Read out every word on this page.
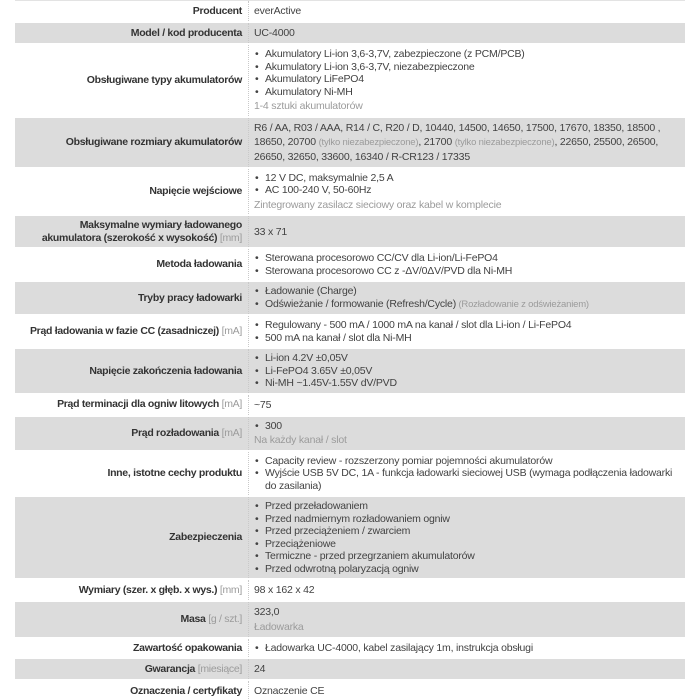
Producent everActive
Model / kod producenta UC-4000
Obsługiwane typy akumulatorów
• Akumulatory Li-ion 3,6-3,7V, zabezpieczone (z PCM/PCB)
• Akumulatory Li-ion 3,6-3,7V, niezabezpieczone
• Akumulatory LiFePO4
• Akumulatory Ni-MH
1-4 sztuki akumulatorów
Obsługiwane rozmiary akumulatorów
R6 / AA, R03 / AAA, R14 / C, R20 / D, 10440, 14500, 14650, 17500, 17670, 18350, 18500 , 18650, 20700 (tylko niezabezpieczone), 21700 (tylko niezabezpieczone), 22650, 25500, 26500, 26650, 32650, 33600, 16340 / R-CR123 / 17335
Napięcie wejściowe
• 12 V DC, maksymalnie 2,5 A
• AC 100-240 V, 50-60Hz
Zintegrowany zasilacz sieciowy oraz kabel w komplecie
Maksymalne wymiary ładowanego akumulatora (szerokość x wysokość) [mm] 33 x 71
Metoda ładowania
• Sterowana procesorowo CC/CV dla Li-ion/Li-FePO4
• Sterowana procesorowo CC z -ΔV/0ΔV/PVD dla Ni-MH
Tryby pracy ładowarki
• Ładowanie (Charge)
• Odświeżanie / formowanie (Refresh/Cycle) (Rozładowanie z odświeżaniem)
Prąd ładowania w fazie CC (zasadniczej) [mA]
• Regulowany - 500 mA / 1000 mA na kanał / slot dla Li-ion / Li-FePO4
• 500 mA na kanał / slot dla Ni-MH
Napięcie zakończenia ładowania
• Li-ion 4.2V ±0,05V
• Li-FePO4 3.65V ±0,05V
• Ni-MH ~1.45V-1.55V dV/PVD
Prąd terminacji dla ogniw litowych [mA] ~75
Prąd rozładowania [mA]
• 300
Na każdy kanał / slot
Inne, istotne cechy produktu
• Capacity review - rozszerzony pomiar pojemności akumulatorów
• Wyjście USB 5V DC, 1A - funkcja ładowarki sieciowej USB (wymaga podłączenia ładowarki do zasilania)
Zabezpieczenia
• Przed przeładowaniem
• Przed nadmiernym rozładowaniem ogniw
• Przed przeciążeniem / zwarciem
• Przeciążeniowe
• Termiczne - przed przegrzaniem akumulatorów
• Przed odwrotną polaryzacją ogniw
Wymiary (szer. x głęb. x wys.) [mm] 98 x 162 x 42
Masa [g / szt.]
323,0
Ładowarka
Zawartość opakowania	• Ładowarka UC-4000, kabel zasilający 1m, instrukcja obsługi
Gwarancja [miesiące] 24
Oznaczenia / certyfikaty Oznaczenie CE
